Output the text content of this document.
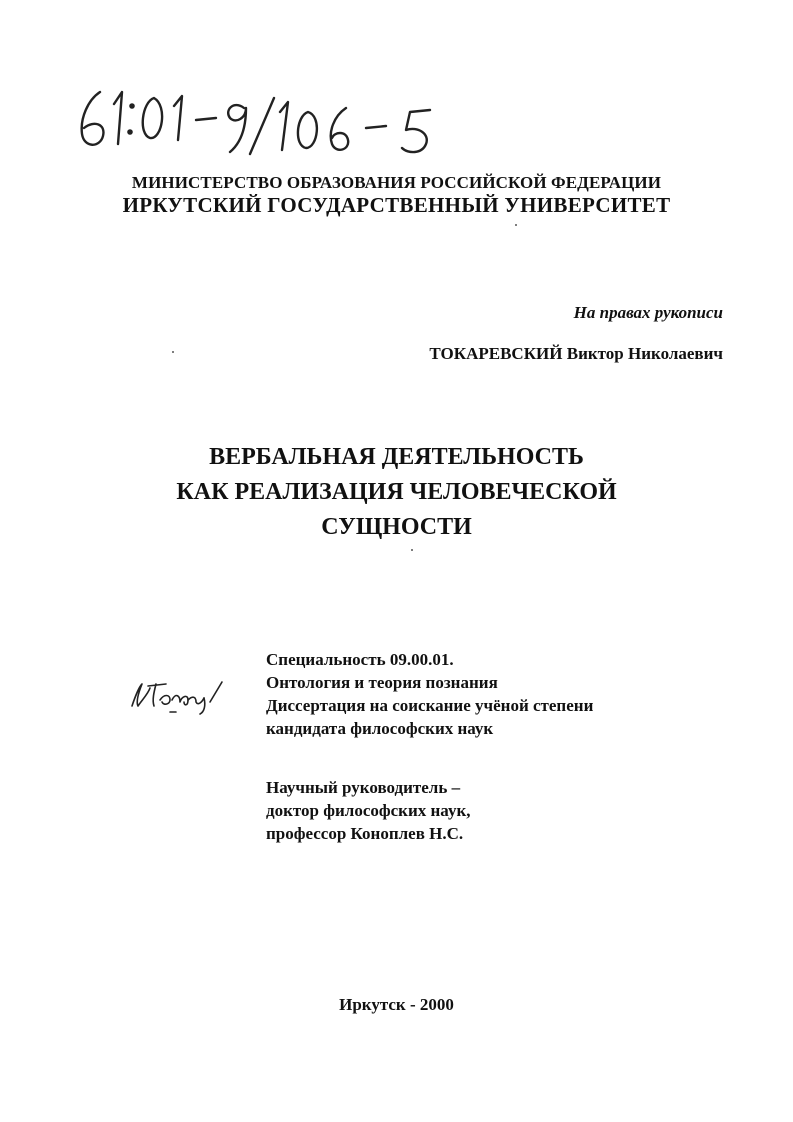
МИНИСТЕРСТВО ОБРАЗОВАНИЯ РОССИЙСКОЙ ФЕДЕРАЦИИ
ИРКУТСКИЙ ГОСУДАРСТВЕННЫЙ УНИВЕРСИТЕТ
На правах рукописи
ТОКАРЕВСКИЙ Виктор Николаевич
ВЕРБАЛЬНАЯ ДЕЯТЕЛЬНОСТЬ
КАК РЕАЛИЗАЦИЯ ЧЕЛОВЕЧЕСКОЙ
СУЩНОСТИ
Специальность 09.00.01.
Онтология и теория познания
Диссертация на соискание учёной степени
кандидата философских наук
Научный руководитель –
доктор философских наук,
профессор Коноплев Н.С.
Иркутск - 2000
